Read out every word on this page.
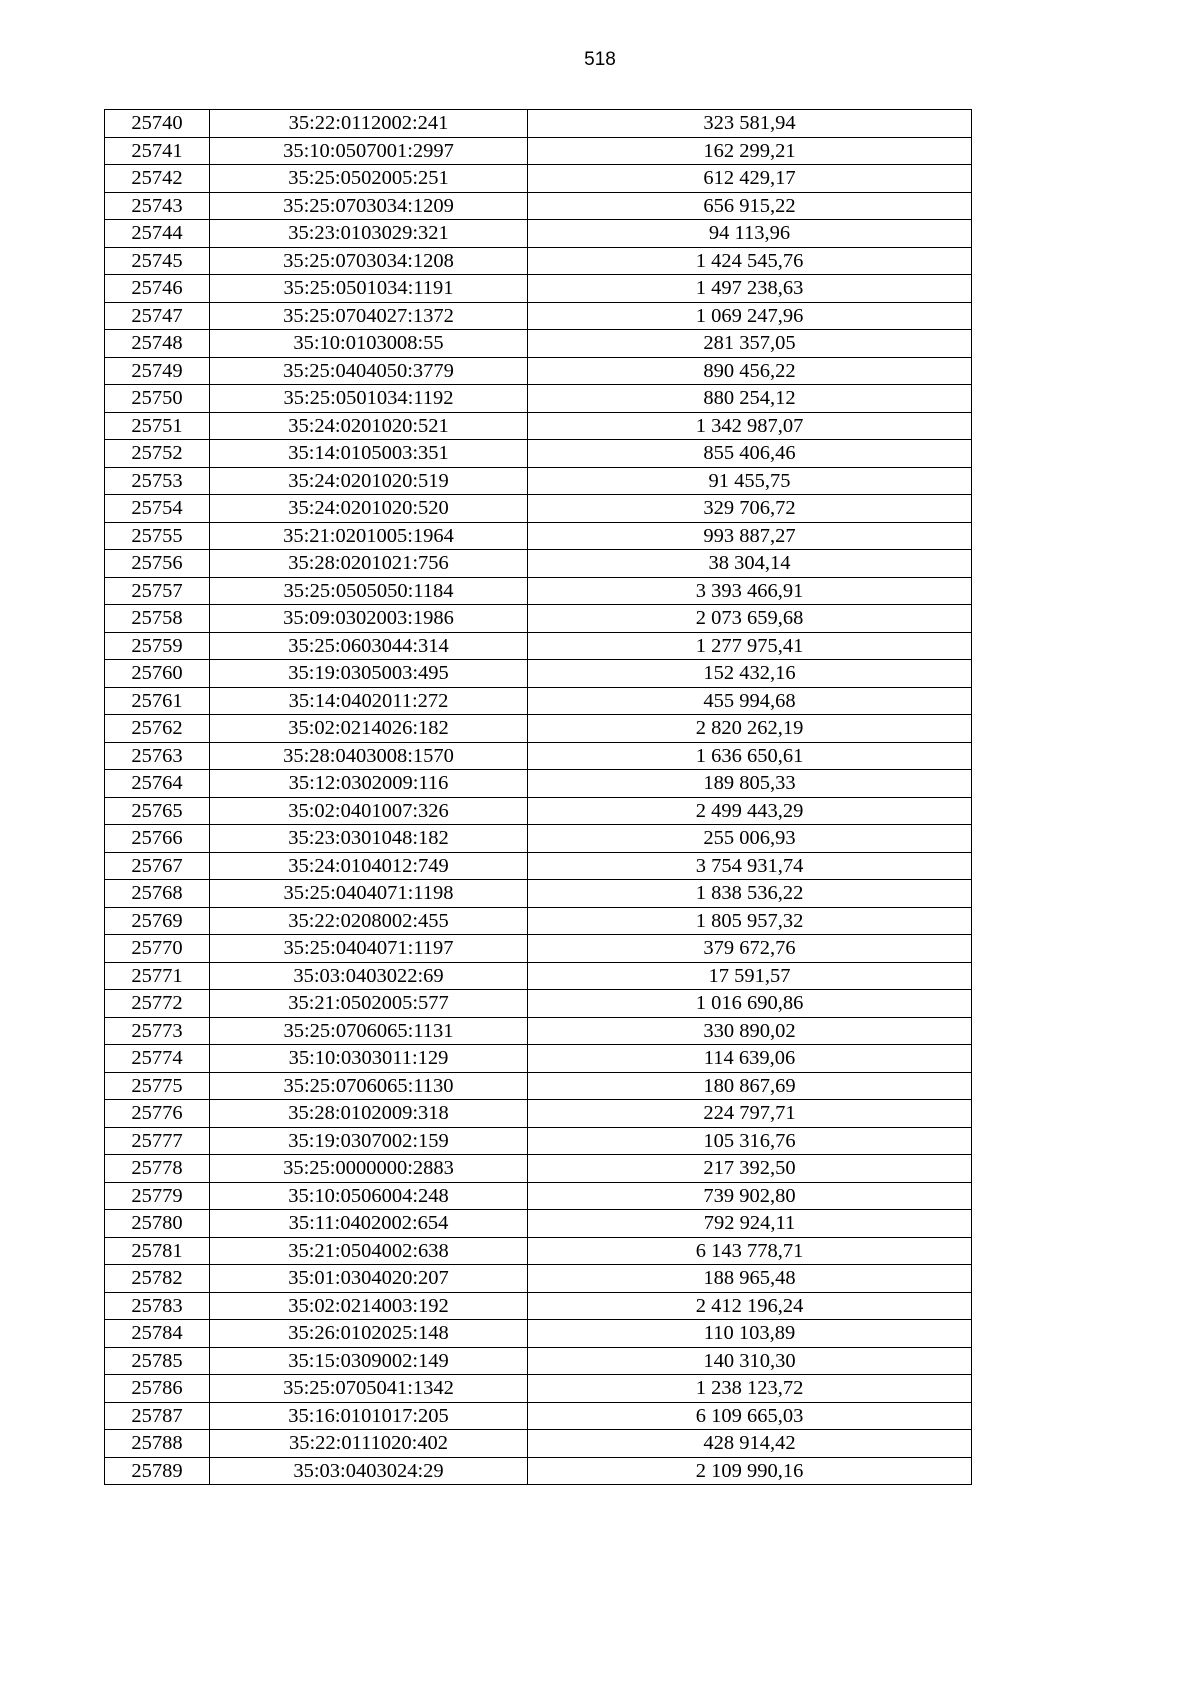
518
25740	35:22:0112002:241	323 581,94
25741	35:10:0507001:2997	162 299,21
25742	35:25:0502005:251	612 429,17
25743	35:25:0703034:1209	656 915,22
25744	35:23:0103029:321	94 113,96
25745	35:25:0703034:1208	1 424 545,76
25746	35:25:0501034:1191	1 497 238,63
25747	35:25:0704027:1372	1 069 247,96
25748	35:10:0103008:55	281 357,05
25749	35:25:0404050:3779	890 456,22
25750	35:25:0501034:1192	880 254,12
25751	35:24:0201020:521	1 342 987,07
25752	35:14:0105003:351	855 406,46
25753	35:24:0201020:519	91 455,75
25754	35:24:0201020:520	329 706,72
25755	35:21:0201005:1964	993 887,27
25756	35:28:0201021:756	38 304,14
25757	35:25:0505050:1184	3 393 466,91
25758	35:09:0302003:1986	2 073 659,68
25759	35:25:0603044:314	1 277 975,41
25760	35:19:0305003:495	152 432,16
25761	35:14:0402011:272	455 994,68
25762	35:02:0214026:182	2 820 262,19
25763	35:28:0403008:1570	1 636 650,61
25764	35:12:0302009:116	189 805,33
25765	35:02:0401007:326	2 499 443,29
25766	35:23:0301048:182	255 006,93
25767	35:24:0104012:749	3 754 931,74
25768	35:25:0404071:1198	1 838 536,22
25769	35:22:0208002:455	1 805 957,32
25770	35:25:0404071:1197	379 672,76
25771	35:03:0403022:69	17 591,57
25772	35:21:0502005:577	1 016 690,86
25773	35:25:0706065:1131	330 890,02
25774	35:10:0303011:129	114 639,06
25775	35:25:0706065:1130	180 867,69
25776	35:28:0102009:318	224 797,71
25777	35:19:0307002:159	105 316,76
25778	35:25:0000000:2883	217 392,50
25779	35:10:0506004:248	739 902,80
25780	35:11:0402002:654	792 924,11
25781	35:21:0504002:638	6 143 778,71
25782	35:01:0304020:207	188 965,48
25783	35:02:0214003:192	2 412 196,24
25784	35:26:0102025:148	110 103,89
25785	35:15:0309002:149	140 310,30
25786	35:25:0705041:1342	1 238 123,72
25787	35:16:0101017:205	6 109 665,03
25788	35:22:0111020:402	428 914,42
25789	35:03:0403024:29	2 109 990,16
